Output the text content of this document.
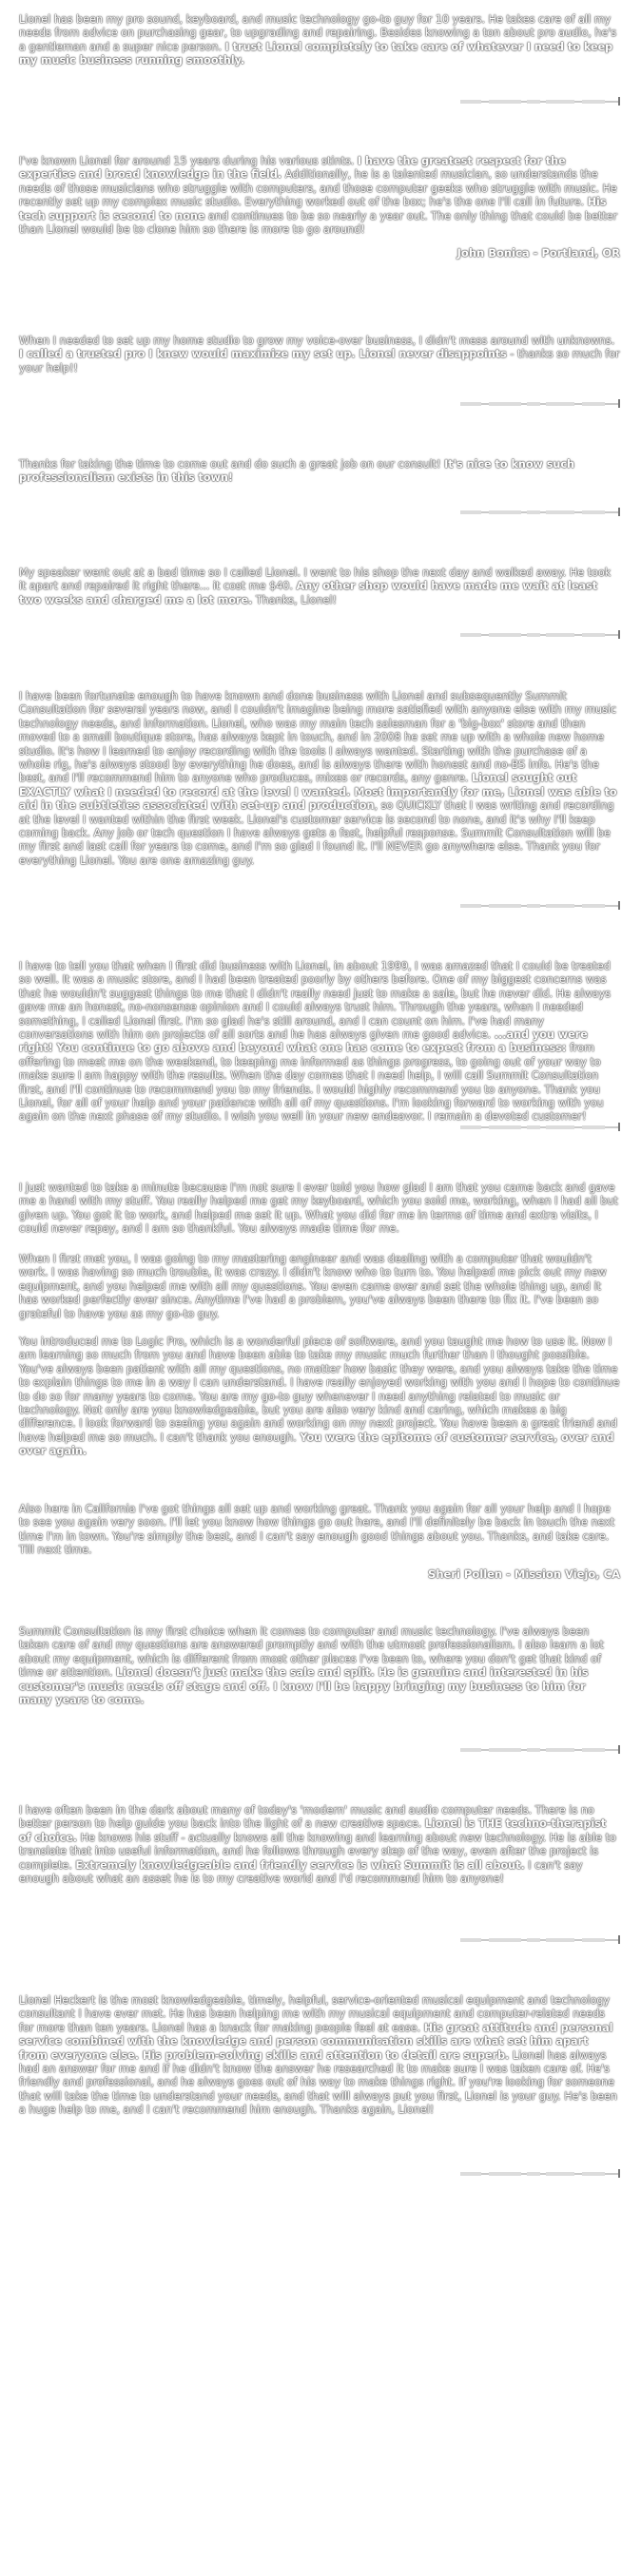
Lionel has been my pro sound, keyboard, and music technology go-to guy for 10 years. He takes care of all my needs from advice on purchasing gear, to upgrading and repairing. Besides knowing a ton about pro audio, he's a gentleman and a super nice person. I trust Lionel completely to take care of whatever I need to keep my music business running smoothly.

I've known Lionel for around 15 years during his various stints. I have the greatest respect for the expertise and broad knowledge in the field. Additionally, he is a talented musician, so understands the needs of those musicians who struggle with computers, and those computer geeks who struggle with music. He recently set up my complex music studio. Everything worked out of the box; he's the one I'll call in future. His tech support is second to none and continues to be so nearly a year out. The only thing that could be better than Lionel would be to clone him so there is more to go around!

John Bonica - Portland, OR

When I needed to set up my home studio to grow my voice-over business, I didn't mess around with unknowns. I called a trusted pro I knew would maximize my set up. Lionel never disappoints - thanks so much for your help!!

Thanks for taking the time to come out and do such a great job on our consult! It's nice to know such professionalism exists in this town!

My speaker went out at a bad time so I called Lionel. I went to his shop the next day and walked away. He took it apart and repaired it right there... it cost me $40. Any other shop would have made me wait at least two weeks and charged me a lot more. Thanks, Lionel!

I have been fortunate enough to have known and done business with Lionel and subsequently Summit Consultation for several years now, and I couldn't imagine being more satisfied with anyone else with my music technology needs, and information. Lionel, who was my main tech salesman for a 'big-box' store and then moved to a small boutique store, has always kept in touch, and in 2008 he set me up with a whole new home studio. It's how I learned to enjoy recording with the tools I always wanted. Starting with the purchase of a whole rig, he's always stood by everything he does, and is always there with honest and no-BS info. He's the best, and I'll recommend him to anyone who produces, mixes or records, any genre. Lionel sought out EXACTLY what I needed to record at the level I wanted. Most importantly for me, Lionel was able to aid in the subtleties associated with set-up and production, so QUICKLY that I was writing and recording at the level I wanted within the first week. Lionel's customer service is second to none, and it's why I'll keep coming back. Any job or tech question I have always gets a fast, helpful response. Summit Consultation will be my first and last call for years to come, and I'm so glad I found it. I'll NEVER go anywhere else. Thank you for everything Lionel. You are one amazing guy.

I have to tell you that when I first did business with Lionel, in about 1999, I was amazed that I could be treated so well. It was a music store, and I had been treated poorly by others before. One of my biggest concerns was that he wouldn't suggest things to me that I didn't really need just to make a sale, but he never did. He always gave me an honest, no-nonsense opinion and I could always trust him. Through the years, when I needed something, I called Lionel first. I'm so glad he's still around, and I can count on him. I've had many conversations with him on projects of all sorts and he has always given me good advice. ...and you were right! You continue to go above and beyond what one has come to expect from a business: from offering to meet me on the weekend, to keeping me informed as things progress, to going out of your way to make sure I am happy with the results. When the day comes that I need help, I will call Summit Consultation first, and I'll continue to recommend you to my friends. I would highly recommend you to anyone. Thank you Lionel, for all of your help and your patience with all of my questions. I'm looking forward to working with you again on the next phase of my studio. I wish you well in your new endeavor. I remain a devoted customer!

I just wanted to take a minute because I'm not sure I ever told you how glad I am that you came back and gave me a hand with my stuff. You really helped me get my keyboard, which you sold me, working, when I had all but given up. You got it to work, and helped me set it up. What you did for me in terms of time and extra visits, I could never repay, and I am so thankful. You always made time for me.

When I first met you, I was going to my mastering engineer and was dealing with a computer that wouldn't work. I was having so much trouble, it was crazy. I didn't know who to turn to. You helped me pick out my new equipment, and you helped me with all my questions. You even came over and set the whole thing up, and it has worked perfectly ever since. Anytime I've had a problem, you've always been there to fix it. I've been so grateful to have you as my go-to guy.

You introduced me to Logic Pro, which is a wonderful piece of software, and you taught me how to use it. Now I am learning so much from you and have been able to take my music much further than I thought possible. You've always been patient with all my questions, no matter how basic they were, and you always take the time to explain things to me in a way I can understand. I have really enjoyed working with you and I hope to continue to do so for many years to come. You are my go-to guy whenever I need anything related to music or technology. Not only are you knowledgeable, but you are also very kind and caring, which makes a big difference. I look forward to seeing you again and working on my next project. You have been a great friend and have helped me so much. I can't thank you enough. You were the epitome of customer service, over and over again.

Also here in California I've got things all set up and working great. Thank you again for all your help and I hope to see you again very soon. I'll let you know how things go out here, and I'll definitely be back in touch the next time I'm in town. You're simply the best, and I can't say enough good things about you. Thanks, and take care. Till next time.

Sheri Pollen - Mission Viejo, CA

Summit Consultation is my first choice when it comes to computer and music technology. I've always been taken care of and my questions are answered promptly and with the utmost professionalism. I also learn a lot about my equipment, which is different from most other places I've been to, where you don't get that kind of time or attention. Lionel doesn't just make the sale and split. He is genuine and interested in his customer's music needs off stage and off. I know I'll be happy bringing my business to him for many years to come.

I have often been in the dark about many of today's 'modern' music and audio computer needs. There is no better person to help guide you back into the light of a new creative space. Lionel is THE techno-therapist of choice. He knows his stuff - actually knows all the knowing and learning about new technology. He is able to translate that into useful information, and he follows through every step of the way, even after the project is complete. Extremely knowledgeable and friendly service is what Summit is all about. I can't say enough about what an asset he is to my creative world and I'd recommend him to anyone!

Lionel Heckert is the most knowledgeable, timely, helpful, service-oriented musical equipment and technology consultant I have ever met. He has been helping me with my musical equipment and computer-related needs for more than ten years. Lionel has a knack for making people feel at ease. His great attitude and personal service combined with the knowledge and person communication skills are what set him apart from everyone else. His problem-solving skills and attention to detail are superb. Lionel has always had an answer for me and if he didn't know the answer he researched it to make sure I was taken care of. He's friendly and professional, and he always goes out of his way to make things right. If you're looking for someone that will take the time to understand your needs, and that will always put you first, Lionel is your guy. He's been a huge help to me, and I can't recommend him enough. Thanks again, Lionel!
